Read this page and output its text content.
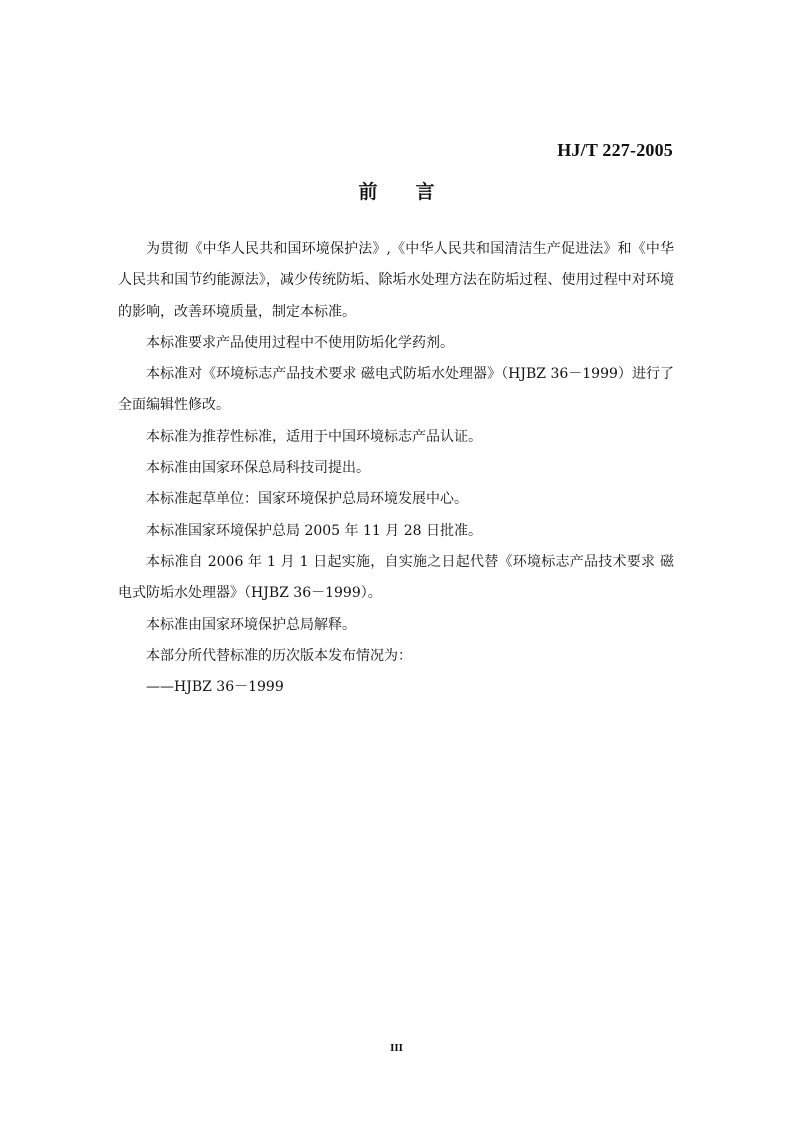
HJ/T 227-2005
前　　言

为贯彻《中华人民共和国环境保护法》,《中华人民共和国清洁生产促进法》和《中华人民共和国节约能源法》，减少传统防垢、除垢水处理方法在防垢过程、使用过程中对环境的影响，改善环境质量，制定本标准。

本标准要求产品使用过程中不使用防垢化学药剂。

本标准对《环境标志产品技术要求 磁电式防垢水处理器》（HJBZ 36－1999）进行了全面编辑性修改。

本标准为推荐性标准，适用于中国环境标志产品认证。

本标准由国家环保总局科技司提出。

本标准起草单位：国家环境保护总局环境发展中心。

本标准国家环境保护总局 2005 年 11 月 28 日批准。

本标准自 2006 年 1 月 1 日起实施，自实施之日起代替《环境标志产品技术要求 磁电式防垢水处理器》（HJBZ 36－1999）。

本标准由国家环境保护总局解释。

本部分所代替标准的历次版本发布情况为：

——HJBZ 36－1999

III
